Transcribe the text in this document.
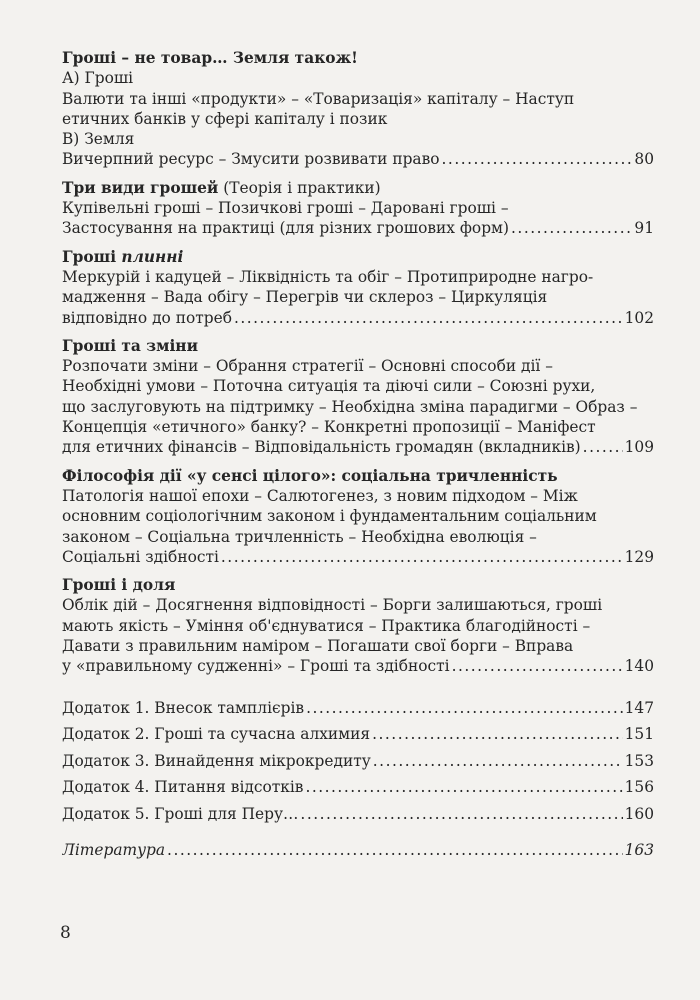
Гроші – не товар… Земля також!
А) Гроші
Валюти та інші «продукти» – «Товаризація» капіталу – Наступ
етичних банків у сфері капіталу і позик
В) Земля
Вичерпний ресурс – Змусити розвивати право .....	80
Три види грошей (Теорія і практики)
Купівельні гроші – Позичкові гроші – Даровані гроші –
Застосування на практиці (для різних грошових форм) .....	91
Гроші плинні
Меркурій і кадуцей – Ліквідність та обіг – Протиприродне нагро-
мадження – Вада обігу – Перегрів чи склероз – Циркуляція
відповідно до потреб .....	102
Гроші та зміни
Розпочати зміни – Обрання стратегії – Основні способи дії –
Необхідні умови – Поточна ситуація та діючі сили – Союзні рухи,
що заслуговують на підтримку – Необхідна зміна парадигми – Образ –
Концепція «етичного» банку? – Конкретні пропозиції – Маніфест
для етичних фінансів – Відповідальність громадян (вкладників) .....	109
Філософія дії «у сенсі цілого»: соціальна тричленність
Патологія нашої епохи – Салютогенез, з новим підходом – Між
основним соціологічним законом і фундаментальним соціальним
законом – Соціальна тричленність – Необхідна еволюція –
Соціальні здібності .....	129
Гроші і доля
Облік дій – Досягнення відповідності – Борги залишаються, гроші
мають якість – Уміння об'єднуватися – Практика благодійності –
Давати з правильним наміром – Погашати свої борги – Вправа
у «правильному судженні» – Гроші та здібності .....	140
Додаток 1. Внесок тамплієрів .....	147
Додаток 2. Гроші та сучасна алхимия .....	151
Додаток 3. Винайдення мікрокредиту .....	153
Додаток 4. Питання відсотків .....	156
Додаток 5. Гроші для Перу… .....	160
Література .....	163
8
